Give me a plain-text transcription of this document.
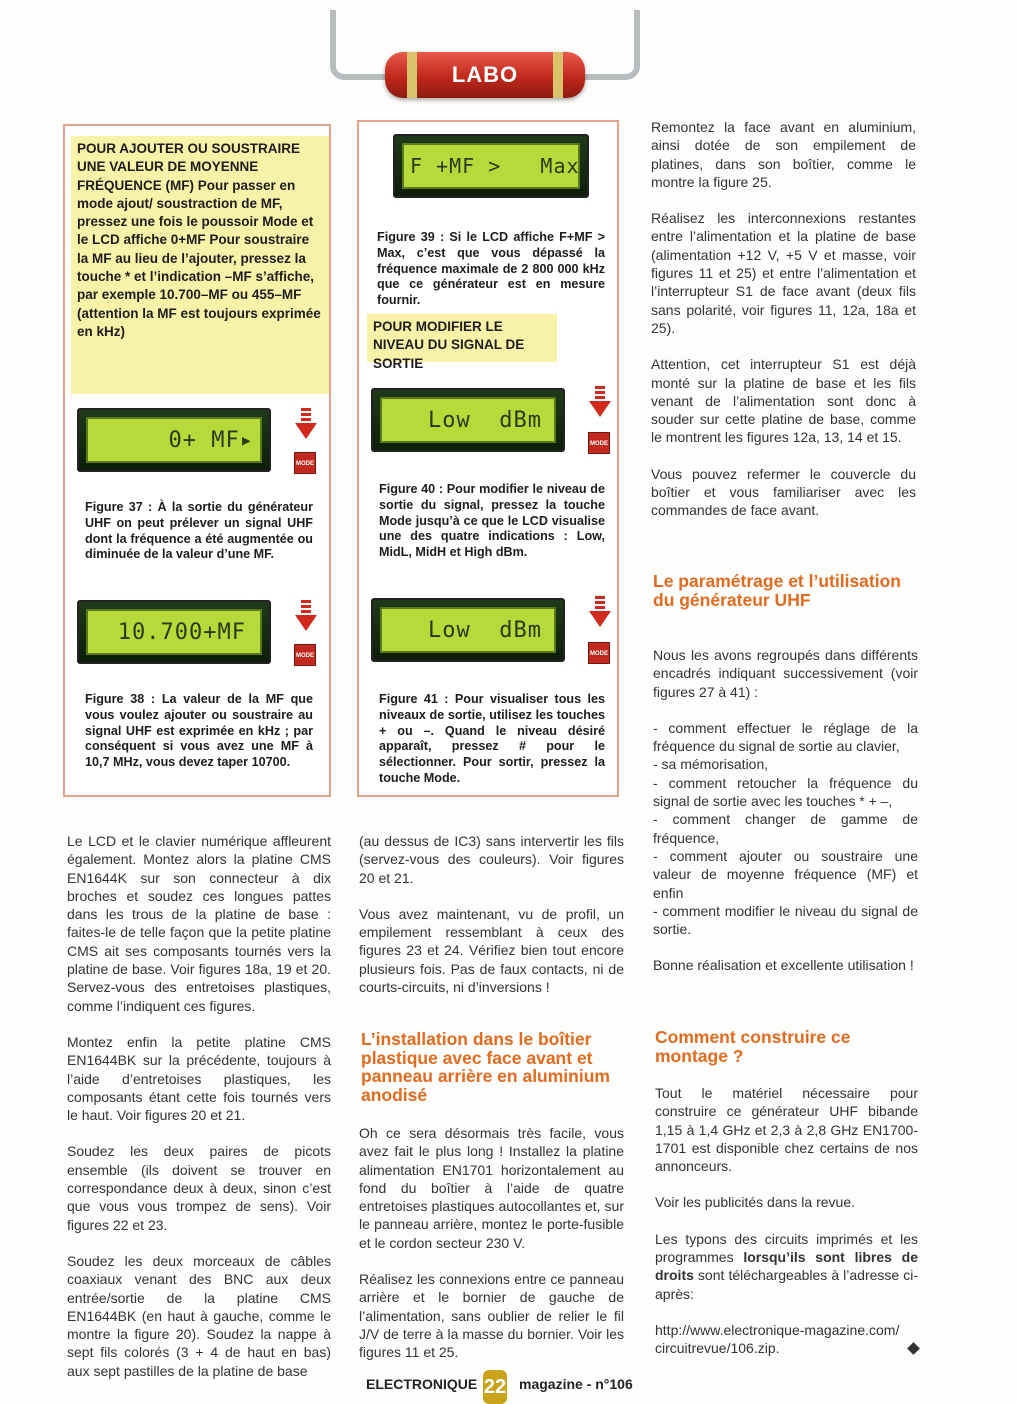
LABO
POUR AJOUTER OU SOUSTRAIRE UNE VALEUR DE MOYENNE FRÉQUENCE (MF) Pour passer en mode ajout/ soustraction de MF, pressez une fois le poussoir Mode et le LCD affiche 0+MF Pour soustraire la MF au lieu de l’ajouter, pressez la touche * et l’indication –MF s’affiche, par exemple 10.700–MF ou 455–MF (attention la MF est toujours exprimée en kHz)
0+ MF▸
MODE
Figure 37 : À la sortie du générateur UHF on peut prélever un signal UHF dont la fréquence a été augmentée ou diminuée de la valeur d’une MF.
10.700+MF
MODE
Figure 38 : La valeur de la MF que vous voulez ajouter ou soustraire au signal UHF est exprimée en kHz ; par conséquent si vous avez une MF à 10,7 MHz, vous devez taper 10700.
F +MF >   Max
Figure 39 : Si le LCD affiche F+MF > Max, c’est que vous dépassé la fréquence maximale de 2 800 000 kHz que ce générateur est en mesure fournir.
POUR MODIFIER LE NIVEAU DU SIGNAL DE SORTIE
Low  dBm
MODE
Figure 40 : Pour modifier le niveau de sortie du signal, pressez la touche Mode jusqu’à ce que le LCD visualise une des quatre indications : Low, MidL, MidH et High dBm.
Low  dBm
MODE
Figure 41 : Pour visualiser tous les niveaux de sortie, utilisez les touches + ou –. Quand le niveau désiré apparaît, pressez # pour le sélectionner. Pour sortir, pressez la touche Mode.

Remontez la face avant en aluminium, ainsi dotée de son empilement de platines, dans son boîtier, comme le montre la figure 25.

Réalisez les interconnexions restantes entre l’alimentation et la platine de base (alimentation +12 V, +5 V et masse, voir figures 11 et 25) et entre l’alimentation et l’interrupteur S1 de face avant (deux fils sans polarité, voir figures 11, 12a, 18a et 25).

Attention, cet interrupteur S1 est déjà monté sur la platine de base et les fils venant de l’alimentation sont donc à souder sur cette platine de base, comme le montrent les figures 12a, 13, 14 et 15.

Vous pouvez refermer le couvercle du boîtier et vous familiariser avec les commandes de face avant.

Le paramétrage et l’utilisation du générateur UHF

Nous les avons regroupés dans différents encadrés indiquant successivement (voir figures 27 à 41) :

- comment effectuer le réglage de la fréquence du signal de sortie au clavier,
- sa mémorisation,
- comment retoucher la fréquence du signal de sortie avec les touches * + –,
- comment changer de gamme de fréquence,
- comment ajouter ou soustraire une valeur de moyenne fréquence (MF) et enfin
- comment modifier le niveau du signal de sortie.

Bonne réalisation et excellente utilisation !

Comment construire ce montage ?

Tout le matériel nécessaire pour construire ce générateur UHF bibande 1,15 à 1,4 GHz et 2,3 à 2,8 GHz EN1700-1701 est disponible chez certains de nos annonceurs.

Voir les publicités dans la revue.

Les typons des circuits imprimés et les programmes lorsqu’ils sont libres de droits sont téléchargeables à l’adresse ci-après:

http://www.electronique-magazine.com/ circuitrevue/106.zip.

Le LCD et le clavier numérique affleurent également. Montez alors la platine CMS EN1644K sur son connecteur à dix broches et soudez ces longues pattes dans les trous de la platine de base : faites-le de telle façon que la petite platine CMS ait ses composants tournés vers la platine de base. Voir figures 18a, 19 et 20. Servez-vous des entretoises plastiques, comme l’indiquent ces figures.

Montez enfin la petite platine CMS EN1644BK sur la précédente, toujours à l’aide d’entretoises plastiques, les composants étant cette fois tournés vers le haut. Voir figures 20 et 21.

Soudez les deux paires de picots ensemble (ils doivent se trouver en correspondance deux à deux, sinon c’est que vous vous trompez de sens). Voir figures 22 et 23.

Soudez les deux morceaux de câbles coaxiaux venant des BNC aux deux entrée/sortie de la platine CMS EN1644BK (en haut à gauche, comme le montre la figure 20). Soudez la nappe à sept fils colorés (3 + 4 de haut en bas) aux sept pastilles de la platine de base

(au dessus de IC3) sans intervertir les fils (servez-vous des couleurs). Voir figures 20 et 21.

Vous avez maintenant, vu de profil, un empilement ressemblant à ceux des figures 23 et 24. Vérifiez bien tout encore plusieurs fois. Pas de faux contacts, ni de courts-circuits, ni d’inversions !

L’installation dans le boîtier plastique avec face avant et panneau arrière en aluminium anodisé

Oh ce sera désormais très facile, vous avez fait le plus long ! Installez la platine alimentation EN1701 horizontalement au fond du boîtier à l’aide de quatre entretoises plastiques autocollantes et, sur le panneau arrière, montez le porte-fusible et le cordon secteur 230 V.

Réalisez les connexions entre ce panneau arrière et le bornier de gauche de l’alimentation, sans oublier de relier le fil J/V de terre à la masse du bornier. Voir les figures 11 et 25.

ELECTRONIQUE 22 magazine - n°106
